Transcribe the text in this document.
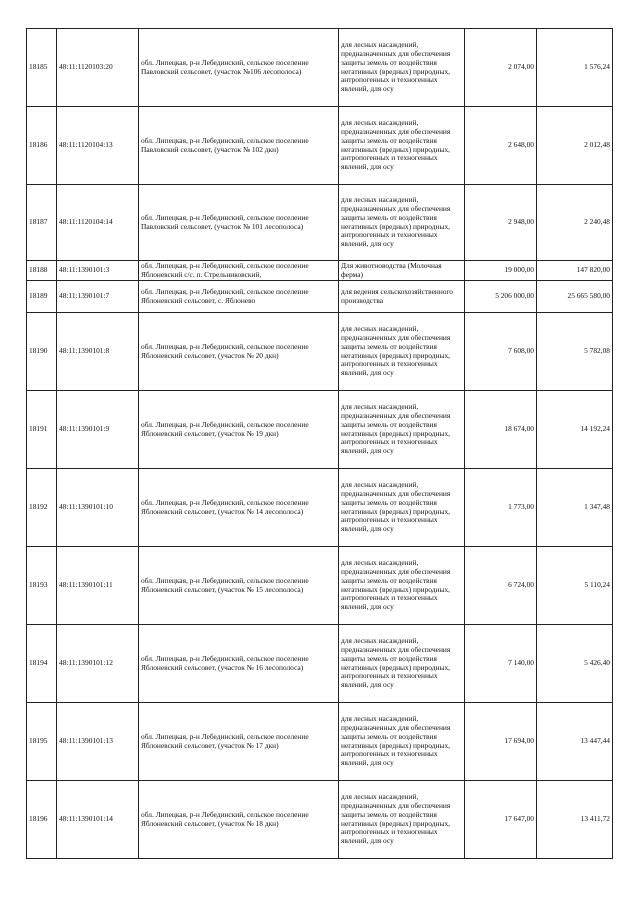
18185	48:11:1120103:20	обл. Липецкая, р-н Лебединский, сельское поселение Павловский сельсовет, (участок №106 лесополоса)	для лесных насаждений, предназначенных для обеспечения защиты земель от воздействия негативных (вредных) природных, антропогенных и техногенных явлений, для осу	2 074,00	1 576,24
18186	48:11:1120104:13	обл. Липецкая, р-н Лебединский, сельское поселение Павловский сельсовет, (участок № 102 дкн)	для лесных насаждений, предназначенных для обеспечения защиты земель от воздействия негативных (вредных) природных, антропогенных и техногенных явлений, для осу	2 648,00	2 012,48
18187	48:11:1120104:14	обл. Липецкая, р-н Лебединский, сельское поселение Павловский сельсовет, (участок № 101 лесополоса)	для лесных насаждений, предназначенных для обеспечения защиты земель от воздействия негативных (вредных) природных, антропогенных и техногенных явлений, для осу	2 948,00	2 240,48
18188	48:11:1390101:3	обл. Липецкая, р-н Лебединский, сельское поселение Яблоневский с/с. п. Стрельниковский,	Для животноводства (Молочная ферма)	19 000,00	147 820,00
18189	48:11:1390101:7	обл. Липецкая, р-н Лебединский, сельское поселение Яблоневский сельсовет, с. Яблонево	для ведения сельскохозяйственного производства	5 206 000,00	25 665 580,00
18190	48:11:1390101:8	обл. Липецкая, р-н Лебединский, сельское поселение Яблоневский сельсовет, (участок № 20 дкн)	для лесных насаждений, предназначенных для обеспечения защиты земель от воздействия негативных (вредных) природных, антропогенных и техногенных явлений, для осу	7 608,00	5 782,08
18191	48:11:1390101:9	обл. Липецкая, р-н Лебединский, сельское поселение Яблоневский сельсовет, (участок № 19 дкн)	для лесных насаждений, предназначенных для обеспечения защиты земель от воздействия негативных (вредных) природных, антропогенных и техногенных явлений, для осу	18 674,00	14 192,24
18192	48:11:1390101:10	обл. Липецкая, р-н Лебединский, сельское поселение Яблоневский сельсовет, (участок № 14 лесополоса)	для лесных насаждений, предназначенных для обеспечения защиты земель от воздействия негативных (вредных) природных, антропогенных и техногенных явлений, для осу	1 773,00	1 347,48
18193	48:11:1390101:11	обл. Липецкая, р-н Лебединский, сельское поселение Яблоневский сельсовет, (участок № 15 лесополоса)	для лесных насаждений, предназначенных для обеспечения защиты земель от воздействия негативных (вредных) природных, антропогенных и техногенных явлений, для осу	6 724,00	5 110,24
18194	48:11:1390101:12	обл. Липецкая, р-н Лебединский, сельское поселение Яблоневский сельсовет, (участок № 16 лесополоса)	для лесных насаждений, предназначенных для обеспечения защиты земель от воздействия негативных (вредных) природных, антропогенных и техногенных явлений, для осу	7 140,00	5 426,40
18195	48:11:1390101:13	обл. Липецкая, р-н Лебединский, сельское поселение Яблоневский сельсовет, (участок № 17 дкн)	для лесных насаждений, предназначенных для обеспечения защиты земель от воздействия негативных (вредных) природных, антропогенных и техногенных явлений, для осу	17 694,00	13 447,44
18196	48:11:1390101:14	обл. Липецкая, р-н Лебединский, сельское поселение Яблоневский сельсовет, (участок № 18 дкн)	для лесных насаждений, предназначенных для обеспечения защиты земель от воздействия негативных (вредных) природных, антропогенных и техногенных явлений, для осу	17 647,00	13 411,72
